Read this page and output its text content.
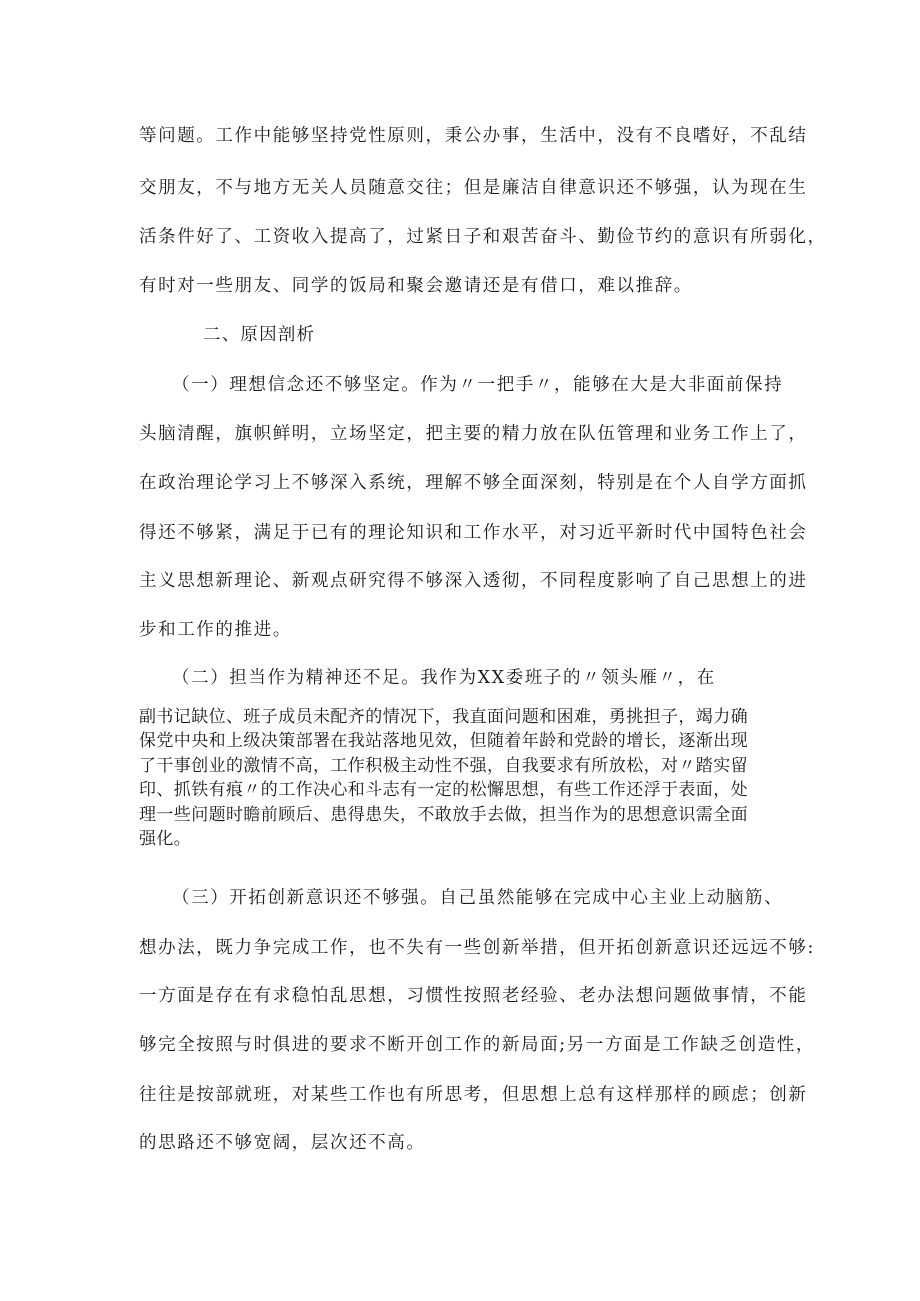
等问题。工作中能够坚持党性原则，秉公办事，生活中，没有不良嗜好，不乱结
交朋友，不与地方无关人员随意交往；但是廉洁自律意识还不够强，认为现在生
活条件好了、工资收入提高了，过紧日子和艰苦奋斗、勤俭节约的意识有所弱化，
有时对一些朋友、同学的饭局和聚会邀请还是有借口，难以推辞。
二、原因剖析
（一）理想信念还不够坚定。作为〃一把手〃，能够在大是大非面前保持
头脑清醒，旗帜鲜明，立场坚定，把主要的精力放在队伍管理和业务工作上了，
在政治理论学习上不够深入系统，理解不够全面深刻，特别是在个人自学方面抓
得还不够紧，满足于已有的理论知识和工作水平，对习近平新时代中国特色社会
主义思想新理论、新观点研究得不够深入透彻，不同程度影响了自己思想上的进
步和工作的推进。
（二）担当作为精神还不足。我作为XX委班子的〃领头雁〃，在
副书记缺位、班子成员未配齐的情况下，我直面问题和困难，勇挑担子，竭力确
保党中央和上级决策部署在我站落地见效，但随着年龄和党龄的增长，逐渐出现
了干事创业的激情不高，工作积极主动性不强，自我要求有所放松，对〃踏实留
印、抓铁有痕〃的工作决心和斗志有一定的松懈思想，有些工作还浮于表面，处
理一些问题时瞻前顾后、患得患失，不敢放手去做，担当作为的思想意识需全面
强化。
（三）开拓创新意识还不够强。自己虽然能够在完成中心主业上动脑筋、
想办法，既力争完成工作，也不失有一些创新举措，但开拓创新意识还远远不够:
一方面是存在有求稳怕乱思想，习惯性按照老经验、老办法想问题做事情，不能
够完全按照与时俱进的要求不断开创工作的新局面;另一方面是工作缺乏创造性，
往往是按部就班，对某些工作也有所思考，但思想上总有这样那样的顾虑；创新
的思路还不够宽阔，层次还不高。
